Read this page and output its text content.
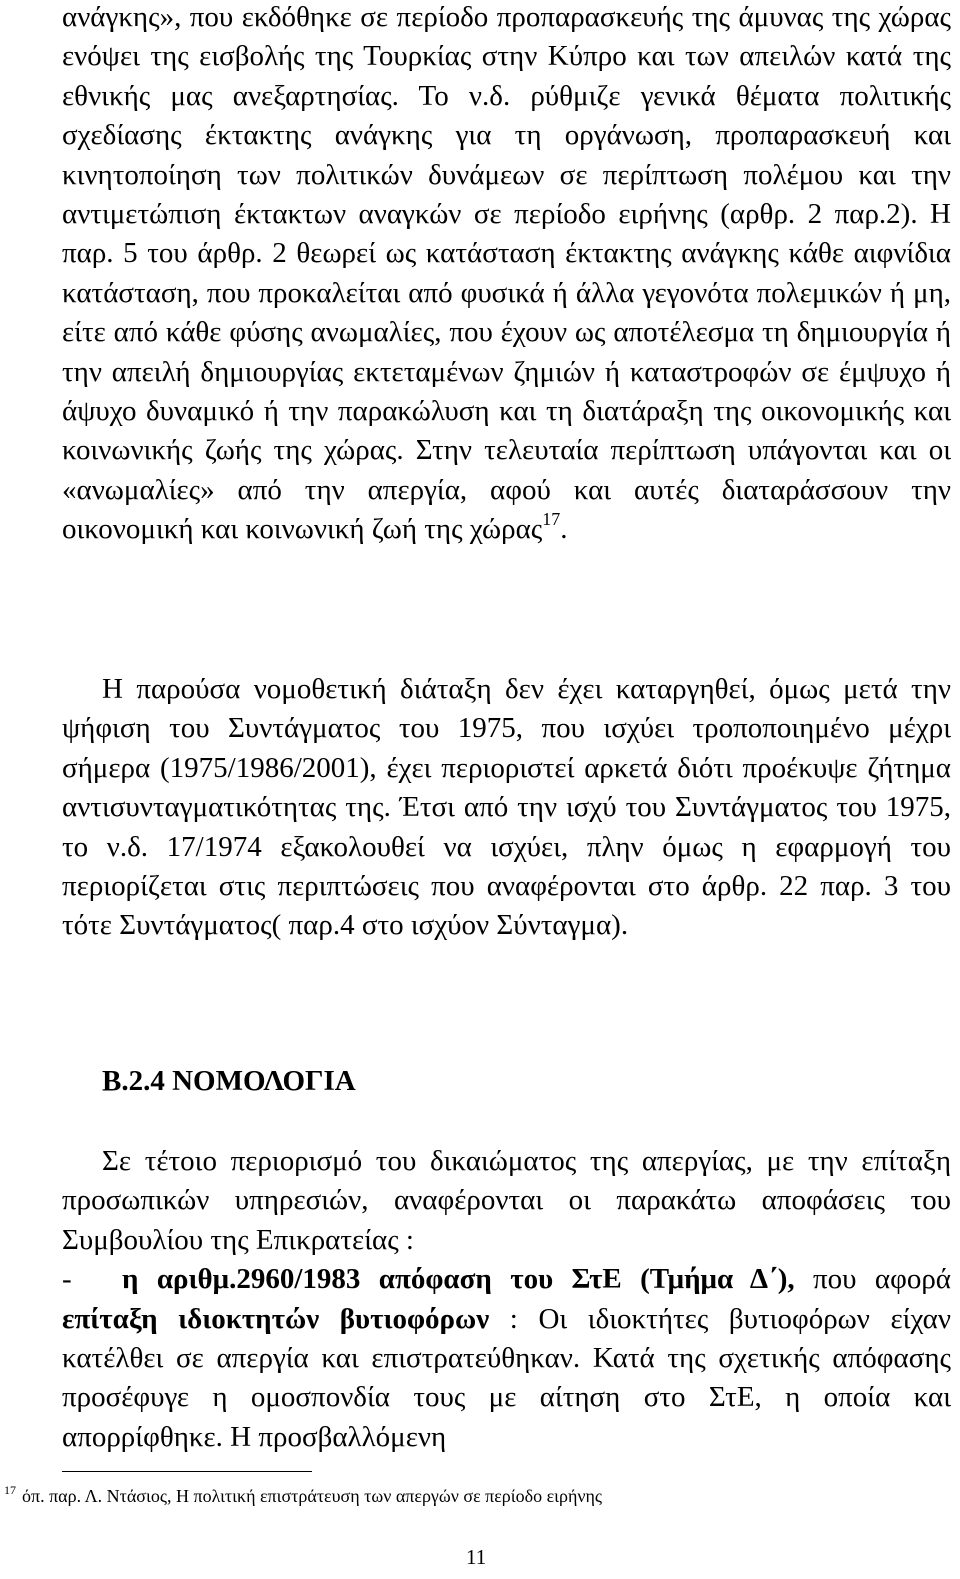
ανάγκης», που εκδόθηκε σε περίοδο προπαρασκευής της άμυνας της χώρας ενόψει της εισβολής της Τουρκίας στην Κύπρο και των απειλών κατά της εθνικής μας ανεξαρτησίας. Το ν.δ. ρύθμιζε γενικά θέματα πολιτικής σχεδίασης έκτακτης ανάγκης για τη οργάνωση, προπαρασκευή και κινητοποίηση των πολιτικών δυνάμεων σε περίπτωση πολέμου και την αντιμετώπιση έκτακτων αναγκών σε περίοδο ειρήνης (αρθρ. 2 παρ.2). Η παρ. 5 του άρθρ. 2 θεωρεί ως κατάσταση έκτακτης ανάγκης κάθε αιφνίδια κατάσταση, που προκαλείται από φυσικά ή άλλα γεγονότα πολεμικών ή μη, είτε από κάθε φύσης ανωμαλίες, που έχουν ως αποτέλεσμα τη δημιουργία ή την απειλή δημιουργίας εκτεταμένων ζημιών ή καταστροφών σε έμψυχο ή άψυχο δυναμικό ή την παρακώλυση και τη διατάραξη της οικονομικής και κοινωνικής ζωής της χώρας. Στην τελευταία περίπτωση υπάγονται και οι «ανωμαλίες» από την απεργία, αφού και αυτές διαταράσσουν την οικονομική και κοινωνική ζωή της χώρας$^{17}$.

Η παρούσα νομοθετική διάταξη δεν έχει καταργηθεί, όμως μετά την ψήφιση του Συντάγματος του 1975, που ισχύει τροποποιημένο μέχρι σήμερα (1975/1986/2001), έχει περιοριστεί αρκετά διότι προέκυψε ζήτημα αντισυνταγματικότητας της. Έτσι από την ισχύ του Συντάγματος του 1975, το ν.δ. 17/1974 εξακολουθεί να ισχύει, πλην όμως η εφαρμογή του περιορίζεται στις περιπτώσεις που αναφέρονται στο άρθρ. 22 παρ. 3 του τότε Συντάγματος( παρ.4 στο ισχύον Σύνταγμα).

Β.2.4 ΝΟΜΟΛΟΓΙΑ

Σε τέτοιο περιορισμό του δικαιώματος της απεργίας, με την επίταξη προσωπικών υπηρεσιών, αναφέρονται οι παρακάτω αποφάσεις του Συμβουλίου της Επικρατείας :

- η αριθμ.2960/1983 απόφαση του ΣτΕ (Τμήμα Δ΄), που αφορά επίταξη ιδιοκτητών βυτιοφόρων : Οι ιδιοκτήτες βυτιοφόρων είχαν κατέλθει σε απεργία και επιστρατεύθηκαν. Κατά της σχετικής απόφασης προσέφυγε η ομοσπονδία τους με αίτηση στο ΣτΕ, η οποία και απορρίφθηκε. Η προσβαλλόμενη

$^{17}$ όπ. παρ. Λ. Ντάσιος, Η πολιτική επιστράτευση των απεργών σε περίοδο ειρήνης
11
